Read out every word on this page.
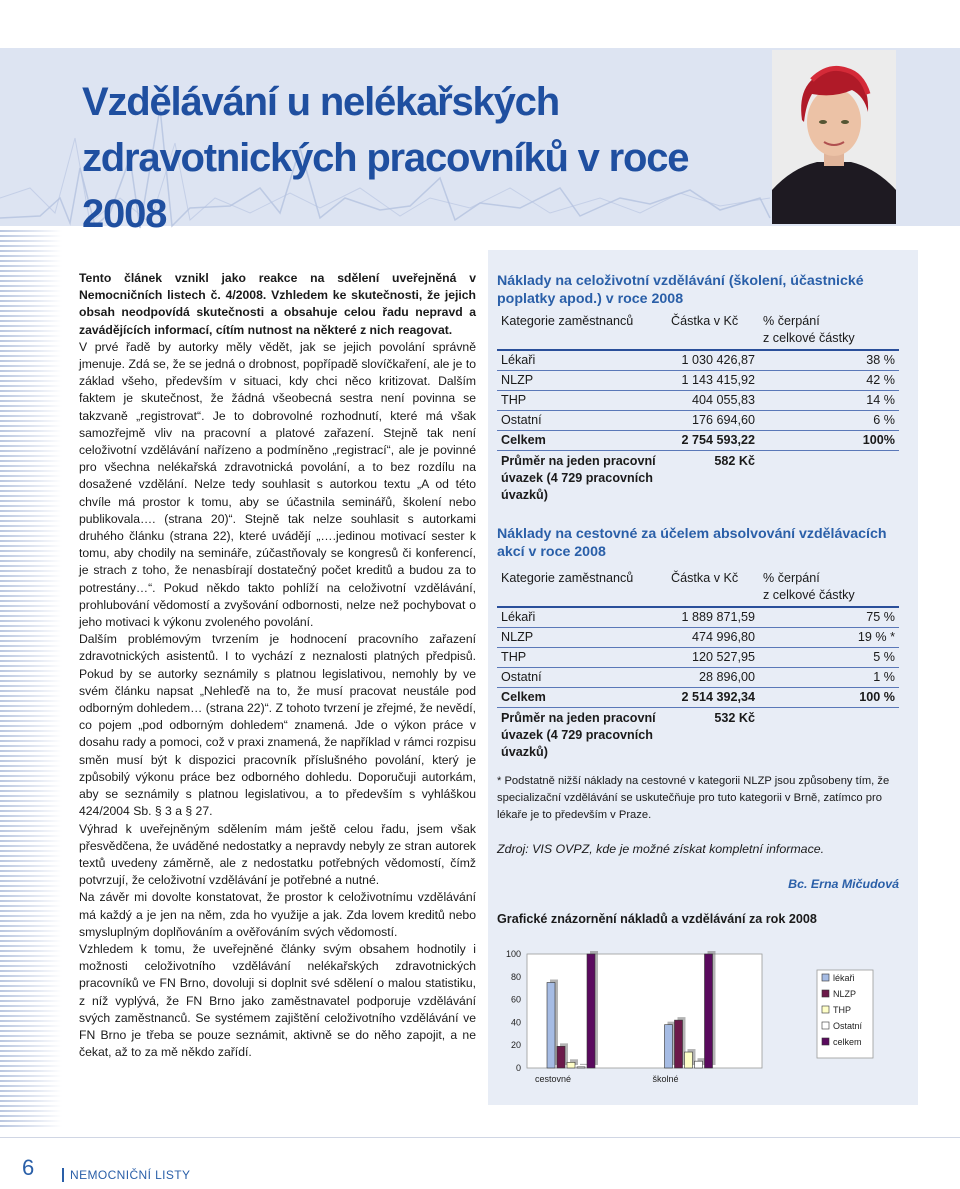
Vzdělávání u nelékařských
zdravotnických pracovníků v roce 2008

Tento článek vznikl jako reakce na sdělení uveřejněná v Nemocničních listech č. 4/2008. Vzhledem ke skutečnosti, že jejich obsah neodpovídá skutečnosti a obsahuje celou řadu nepravd a zavádějících informací, cítím nutnost na některé z nich reagovat.

V prvé řadě by autorky měly vědět, jak se jejich povolání správně jmenuje. Zdá se, že se jedná o drobnost, popřípadě slovíčkaření, ale je to základ všeho, především v situaci, kdy chci něco kritizovat. Dalším faktem je skutečnost, že žádná všeobecná sestra není povinna se takzvaně „registrovat“. Je to dobrovolné rozhodnutí, které má však samozřejmě vliv na pracovní a platové zařazení. Stejně tak není celoživotní vzdělávání nařízeno a podmíněno „registrací“, ale je povinné pro všechna nelékařská zdravotnická povolání, a to bez rozdílu na dosažené vzdělání. Nelze tedy souhlasit s autorkou textu „A od této chvíle má prostor k tomu, aby se účastnila seminářů, školení nebo publikovala…. (strana 20)“. Stejně tak nelze souhlasit s autorkami druhého článku (strana 22), které uvádějí „….jedinou motivací sester k tomu, aby chodily na semináře, zúčastňovaly se kongresů či konferencí, je strach z toho, že nenasbírají dostatečný počet kreditů a budou za to potrestány…“. Pokud někdo takto pohlíží na celoživotní vzdělávání, prohlubování vědomostí a zvyšování odbornosti, nelze než pochybovat o jeho motivaci k výkonu zvoleného povolání.

Dalším problémovým tvrzením je hodnocení pracovního zařazení zdravotnických asistentů. I to vychází z neznalosti platných předpisů. Pokud by se autorky seznámily s platnou legislativou, nemohly by ve svém článku napsat „Nehleďě na to, že musí pracovat neustále pod odborným dohledem… (strana 22)“. Z tohoto tvrzení je zřejmé, že nevědí, co pojem „pod odborným dohledem“ znamená. Jde o výkon práce v dosahu rady a pomoci, což v praxi znamená, že například v rámci rozpisu směn musí být k dispozici pracovník příslušného povolání, který je způsobilý výkonu práce bez odborného dohledu. Doporučuji autorkám, aby se seznámily s platnou legislativou, a to především s vyhláškou 424/2004 Sb. § 3 a § 27.

Výhrad k uveřejněným sdělením mám ještě celou řadu, jsem však přesvědčena, že uváděné nedostatky a nepravdy nebyly ze stran autorek textů uvedeny záměrně, ale z nedostatku potřebných vědomostí, čímž potvrzují, že celoživotní vzdělávání je potřebné a nutné.

Na závěr mi dovolte konstatovat, že prostor k celoživotnímu vzdělávání má každý a je jen na něm, zda ho využije a jak. Zda lovem kreditů nebo smysluplným doplňováním a ověřováním svých vědomostí.

Vzhledem k tomu, že uveřejněné články svým obsahem hodnotily i možnosti celoživotního vzdělávání nelékařských zdravotnických pracovníků ve FN Brno, dovoluji si doplnit své sdělení o malou statistiku, z níž vyplývá, že FN Brno jako zaměstnavatel podporuje vzdělávání svých zaměstnanců. Se systémem zajištění celoživotního vzdělávání ve FN Brno je třeba se pouze seznámit, aktivně se do něho zapojit, a ne čekat, až to za mě někdo zařídí.

Náklady na celoživotní vzdělávání (školení, účastnické poplatky apod.) v roce 2008

Kategorie zaměstnanců	Částka v Kč	% čerpání
z celkové částky
Lékaři	1 030 426,87	38 %
NLZP	1 143 415,92	42 %
THP	404 055,83	14 %
Ostatní	176 694,60	6 %
Celkem	2 754 593,22	100%
Průměr na jeden pracovní úvazek (4 729 pracovních úvazků)	582 Kč	

Náklady na cestovné za účelem absolvování vzdělávacích akcí v roce 2008

Kategorie zaměstnanců	Částka v Kč	% čerpání
z celkové částky
Lékaři	1 889 871,59	75 %
NLZP	474 996,80	19 % *
THP	120 527,95	5 %
Ostatní	28 896,00	1 %
Celkem	2 514 392,34	100 %
Průměr na jeden pracovní úvazek (4 729 pracovních úvazků)	532 Kč	
* Podstatně nižší náklady na cestovné v kategorii NLZP jsou způsobeny tím, že specializační vzdělávání se uskutečňuje pro tuto kategorii v Brně, zatímco pro lékaře je to především v Praze.
Zdroj: VIS OVPZ, kde je možné získat kompletní informace.
Bc. Erna Mičudová
Grafické znázornění nákladů a vzdělávání za rok 2008
0
20
40
60
80
100
cestovné	školné
lékaři
NLZP
THP
Ostatní
celkem
6	NEMOCNIČNÍ LISTY
